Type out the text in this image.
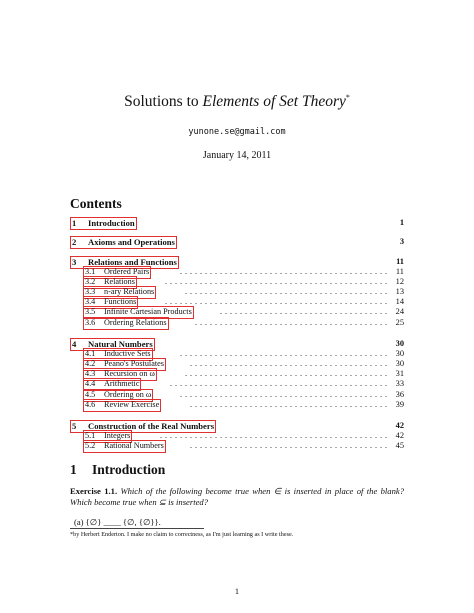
Solutions to Elements of Set Theory*
yunone.se@gmail.com
January 14, 2011
Contents
1 Introduction	1
2 Axioms and Operations	3
3 Relations and Functions	11
3.1 Ordered Pairs	.......................................... 11
3.2 Relations	............................................. 12
3.3 n-ary Relations	......................................... 13
3.4 Functions	............................................. 14
3.5 Infinite Cartesian Products	.................................. 24
3.6 Ordering Relations	....................................... 25
4 Natural Numbers	30
4.1 Inductive Sets	.......................................... 30
4.2 Peano's Postulates	........................................ 30
4.3 Recursion on ω	......................................... 31
4.4 Arithmetic	............................................ 33
4.5 Ordering on ω	.......................................... 36
4.6 Review Exercise	........................................ 39
5 Construction of the Real Numbers	42
5.1 Integers	.............................................. 42
5.2 Rational Numbers	........................................ 45
1 Introduction
Exercise 1.1. Which of the following become true when ∈ is inserted in place of the blank? Which become true when ⊆ is inserted?
(a) {∅} ____ {∅, {∅}}.
*by Herbert Enderton. I make no claim to correctness, as I'm just learning as I write these.
1
